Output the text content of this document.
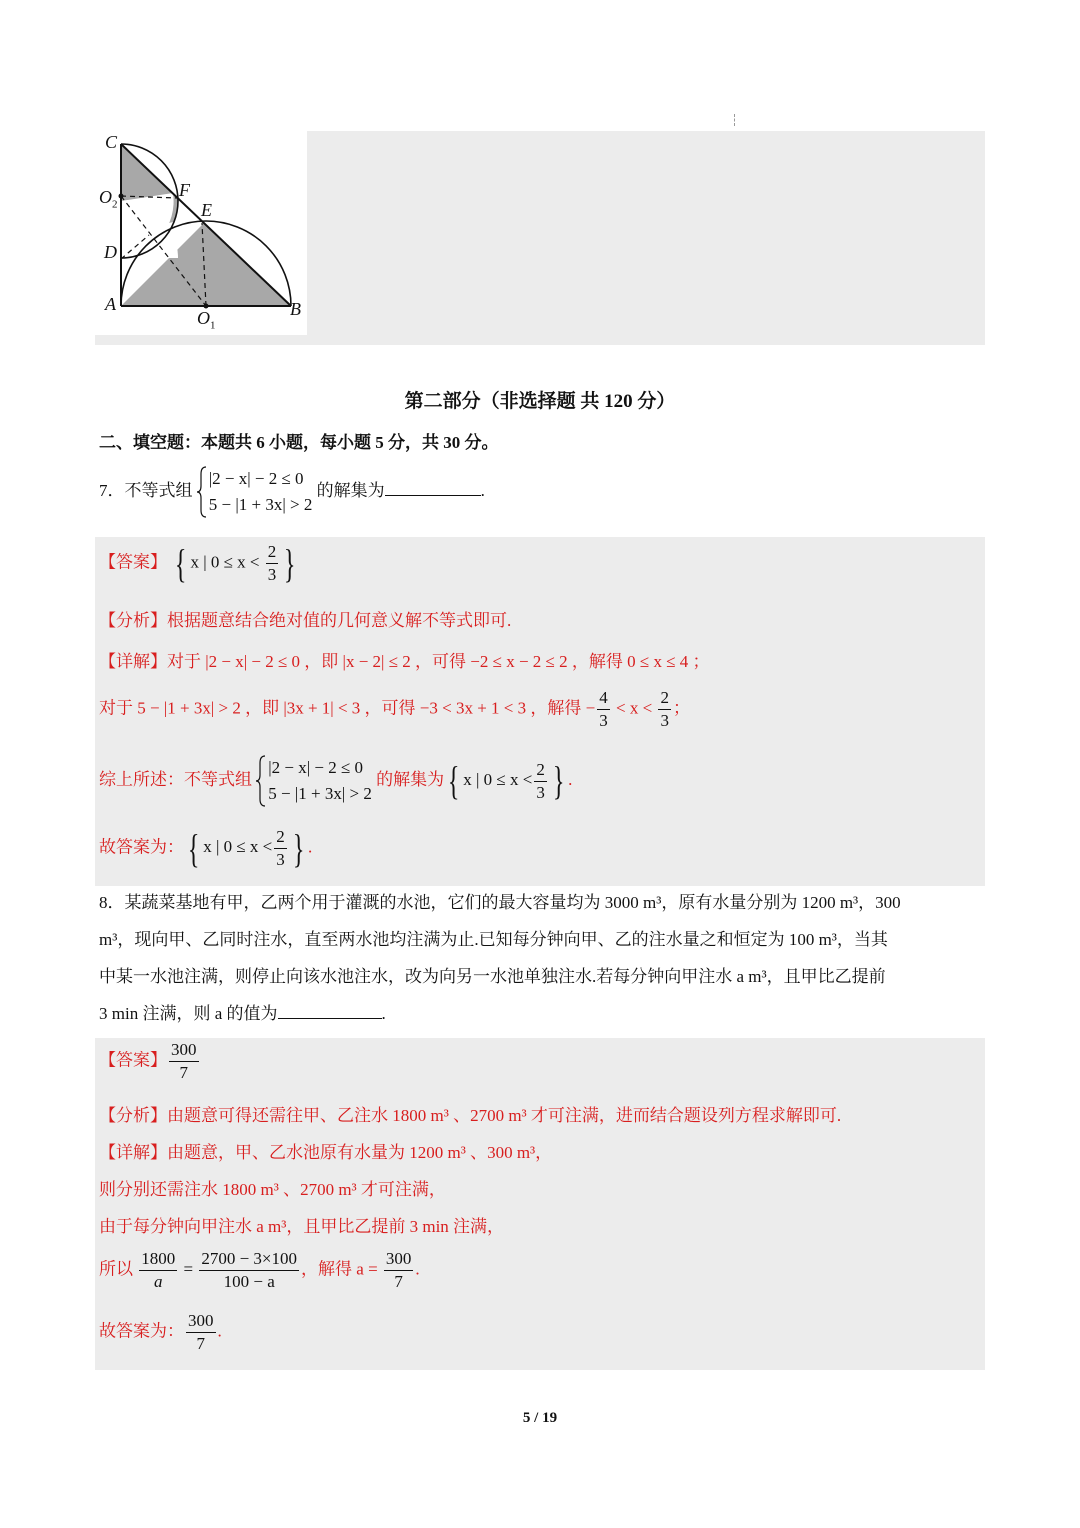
C
$O_2$
F
E
D
A
$O_1$
B
第二部分（非选择题 共 120 分）
二、填空题：本题共 6 小题，每小题 5 分，共 30 分。
7．不等式组
|2 − x| − 2 ≤ 0
5 − |1 + 3x| > 2
的解集为	.
【答案】 { x | $0 \le x < \frac{2}{3}$ }
【分析】根据题意结合绝对值的几何意义解不等式即可.
【详解】对于 |2 − x| − 2 ≤ 0 ，即 |x − 2| ≤ 2 ，可得 −2 ≤ x − 2 ≤ 2 ，解得 0 ≤ x ≤ 4 ；
对于 5 − |1 + 3x| > 2 ，即 |3x + 1| < 3 ，可得 −3 < 3x + 1 < 3 ，解得 − $\frac{4}{3} < x < \frac{2}{3}$ ；
综上所述：不等式组
|2 − x| − 2 ≤ 0
5 − |1 + 3x| > 2
的解集为{ x | $0 \le x < \frac{2}{3}$ } .
故答案为：{ x | $0 \le x < \frac{2}{3}$ } .
8．某蔬菜基地有甲，乙两个用于灌溉的水池，它们的最大容量均为 3000 m³，原有水量分别为 1200 m³，300
m³，现向甲、乙同时注水，直至两水池均注满为止.已知每分钟向甲、乙的注水量之和恒定为 100 m³，当其
中某一水池注满，则停止向该水池注水，改为向另一水池单独注水.若每分钟向甲注水 a m³，且甲比乙提前
3 min 注满，则 a 的值为	.
【答案】 $\frac{300}{7}$
【分析】由题意可得还需往甲、乙注水 1800 m³ 、2700 m³ 才可注满，进而结合题设列方程求解即可.
【详解】由题意，甲、乙水池原有水量为 1200 m³ 、300 m³，
则分别还需注水 1800 m³ 、2700 m³ 才可注满，
由于每分钟向甲注水 a m³，且甲比乙提前 3 min 注满，
所以 $\frac{1800}{a} = \frac{2700 - 3\times 100}{100 - a}$ ，解得 $a = \frac{300}{7}$ .
故答案为： $\frac{300}{7}$ .
5 / 19
